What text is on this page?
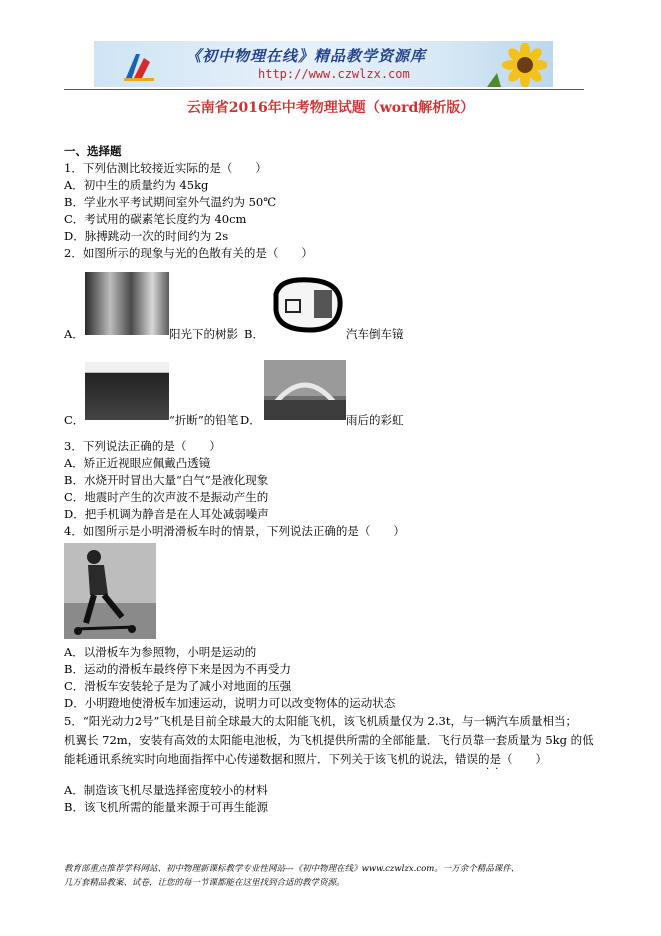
《初中物理在线》精品教学资源库
http://www.czwlzx.com
云南省2016年中考物理试题（word解析版）
一、选择题
1．下列估测比较接近实际的是（　　）
A．初中生的质量约为 45kg
B．学业水平考试期间室外气温约为 50℃
C．考试用的碳素笔长度约为 40cm
D．脉搏跳动一次的时间约为 2s
2．如图所示的现象与光的色散有关的是（　　）
A．	阳光下的树影 B．	汽车倒车镜
C．	“折断”的铅笔 D．	雨后的彩虹
3．下列说法正确的是（　　）
A．矫正近视眼应佩戴凸透镜
B．水烧开时冒出大量“白气”是液化现象
C．地震时产生的次声波不是振动产生的
D．把手机调为静音是在人耳处减弱噪声
4．如图所示是小明滑滑板车时的情景，下列说法正确的是（　　）
A．以滑板车为参照物，小明是运动的
B．运动的滑板车最终停下来是因为不再受力
C．滑板车安装轮子是为了减小对地面的压强
D．小明蹬地使滑板车加速运动，说明力可以改变物体的运动状态
5．“阳光动力2号”飞机是目前全球最大的太阳能飞机，该飞机质量仅为 2.3t，与一辆汽车质量相当；
机翼长 72m，安装有高效的太阳能电池板，为飞机提供所需的全部能量．飞行员靠一套质量为 5kg 的低
能耗通讯系统实时向地面指挥中心传递数据和照片．下列关于该飞机的说法，错误的是（　　）
··
A．制造该飞机尽量选择密度较小的材料
B．该飞机所需的能量来源于可再生能源
教育部重点推荐学科网站、初中物理新课标教学专业性网站---《初中物理在线》www.czwlzx.com。一万余个精品课件、
几万套精品教案、试卷，让您的每一节课都能在这里找到合适的教学资源。
